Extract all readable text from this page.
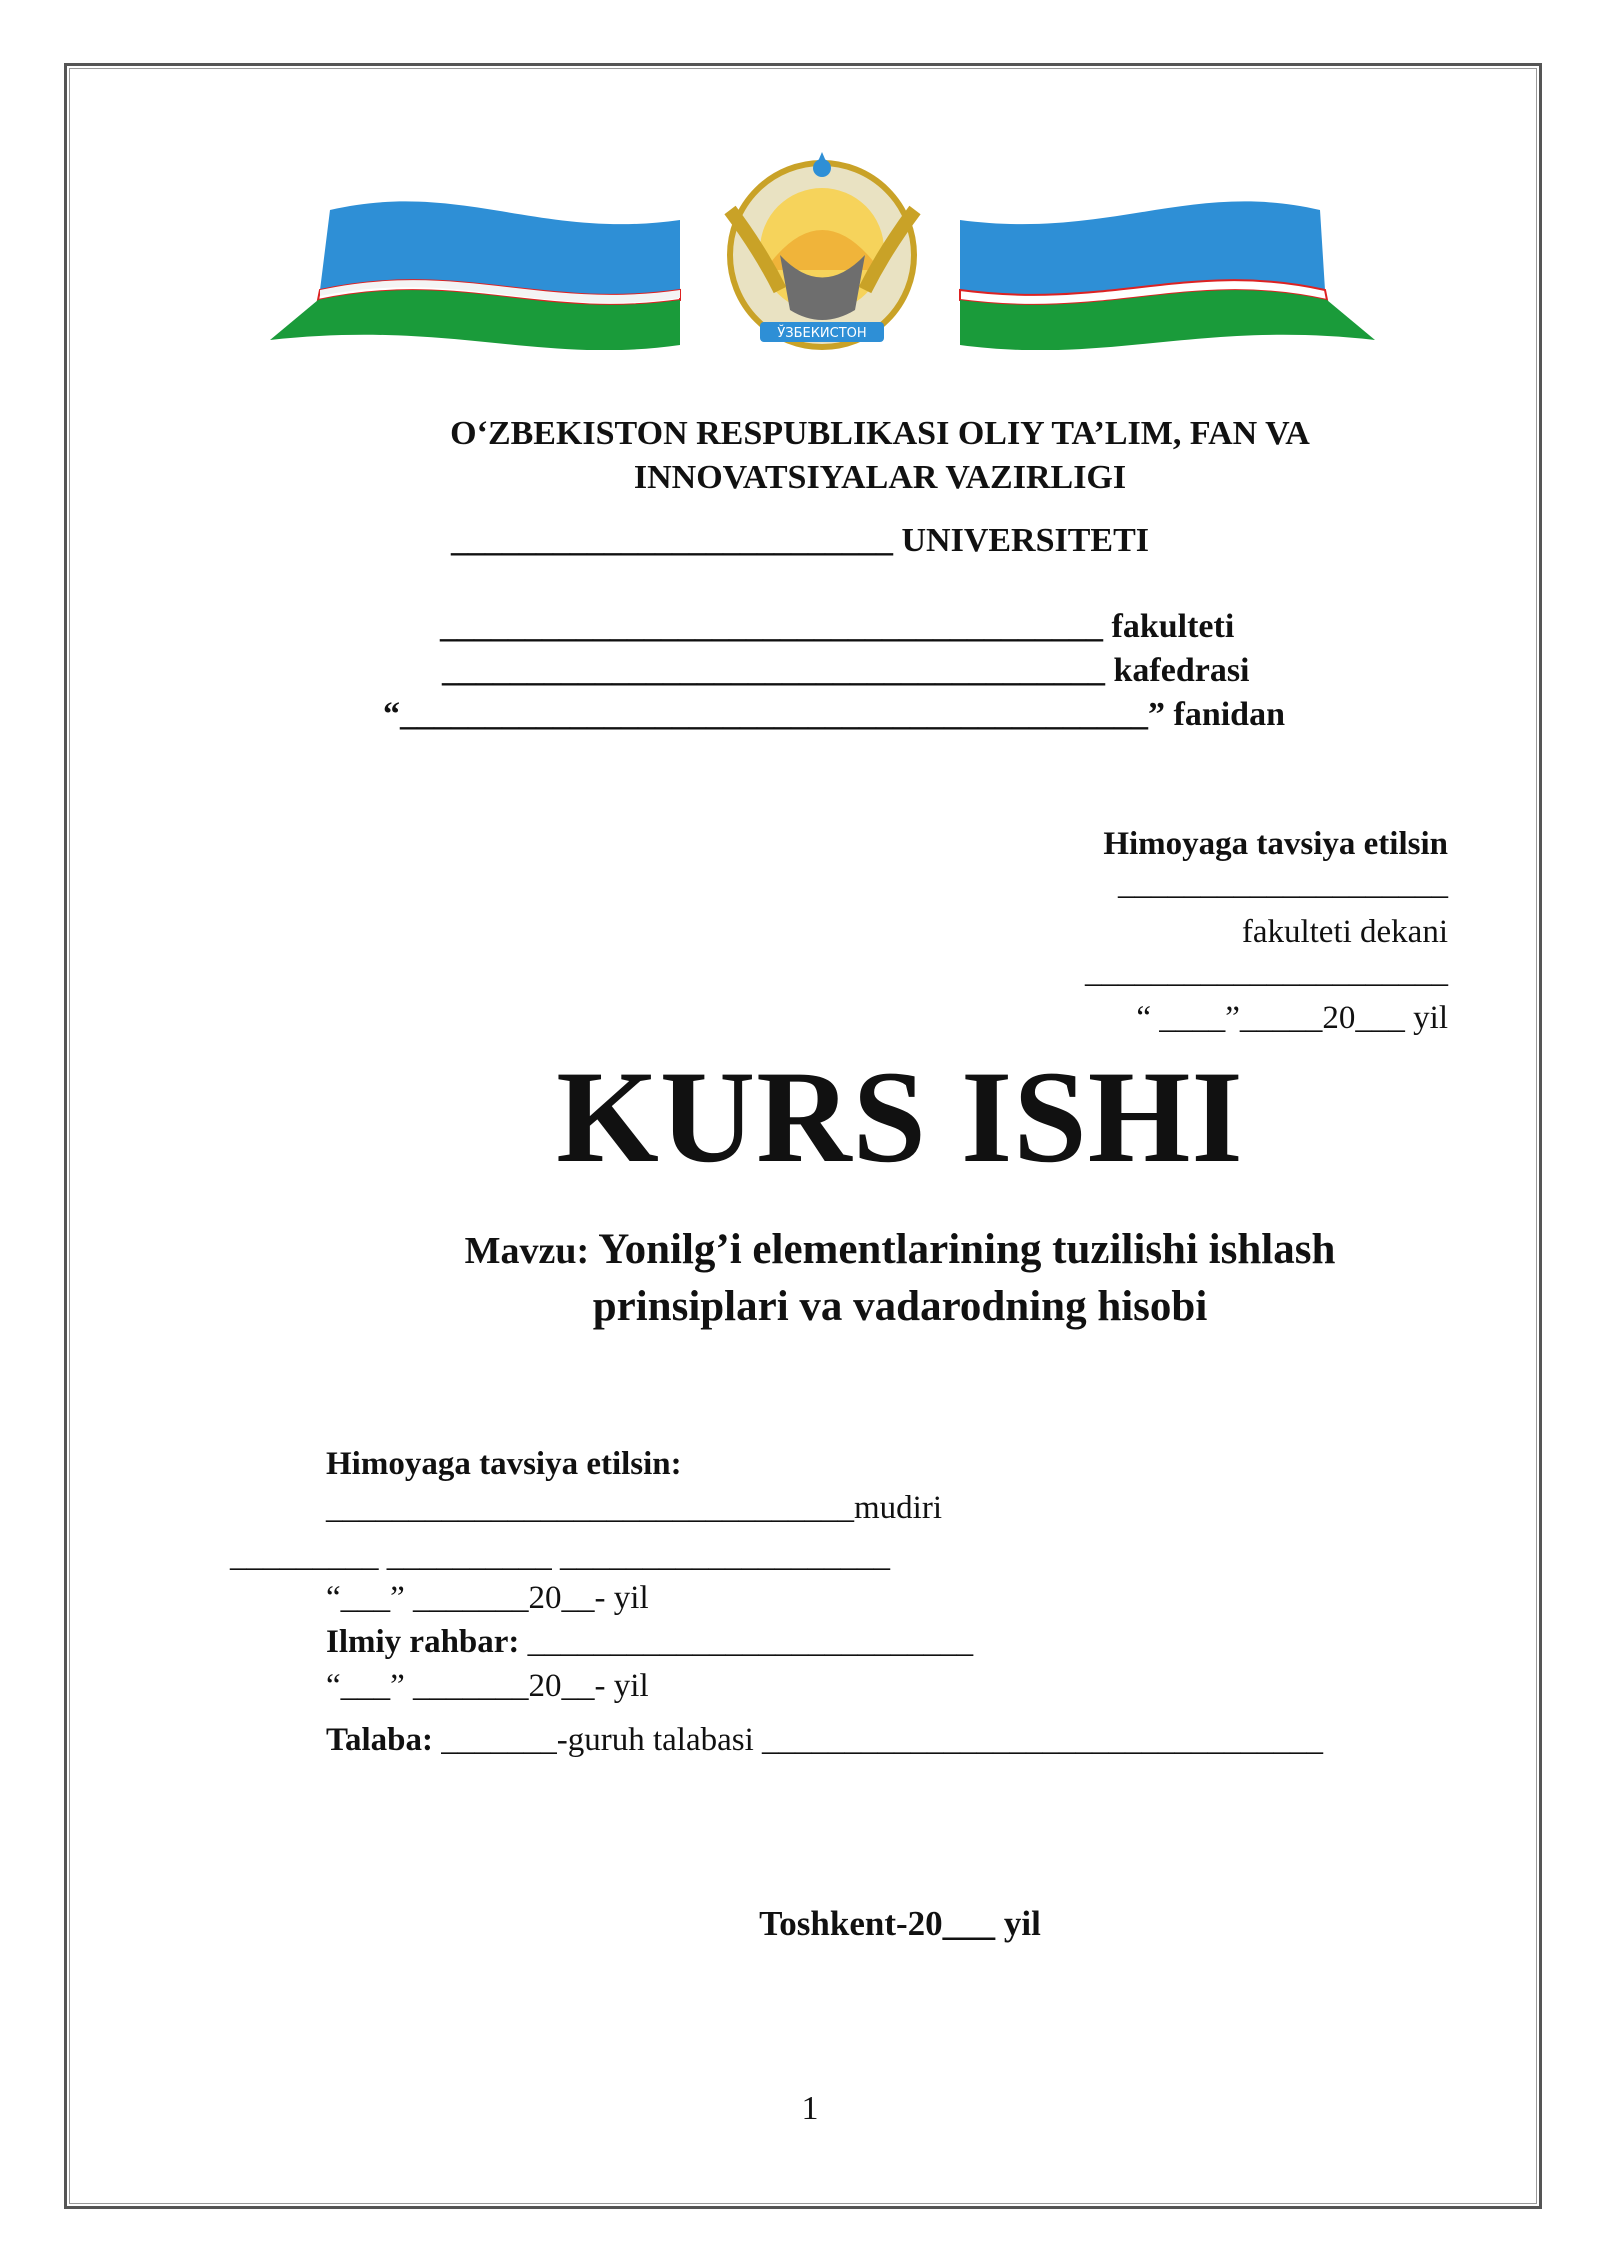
ЎЗБЕКИСТОН

O‘ZBEKISTON RESPUBLIKASI OLIY TA’LIM, FAN VA INNOVATSIYALAR VAZIRLIGI

__________________________ UNIVERSITETI

_______________________________________ fakulteti

_______________________________________ kafedrasi

“____________________________________________” fanidan

Himoyaga tavsiya etilsin

____________________

fakulteti dekani

______________________

“ ____”_____20___ yil

KURS ISHI

Mavzu: Yonilg’i elementlarining tuzilishi ishlash
prinsiplari va vadarodning hisobi

Himoyaga tavsiya etilsin:

________________________________mudiri

_________ __________ ____________________

“___” _______20__- yil

Ilmiy rahbar: ___________________________

“___” _______20__- yil

Talaba: _______-guruh talabasi __________________________________

Toshkent-20___ yil

1
